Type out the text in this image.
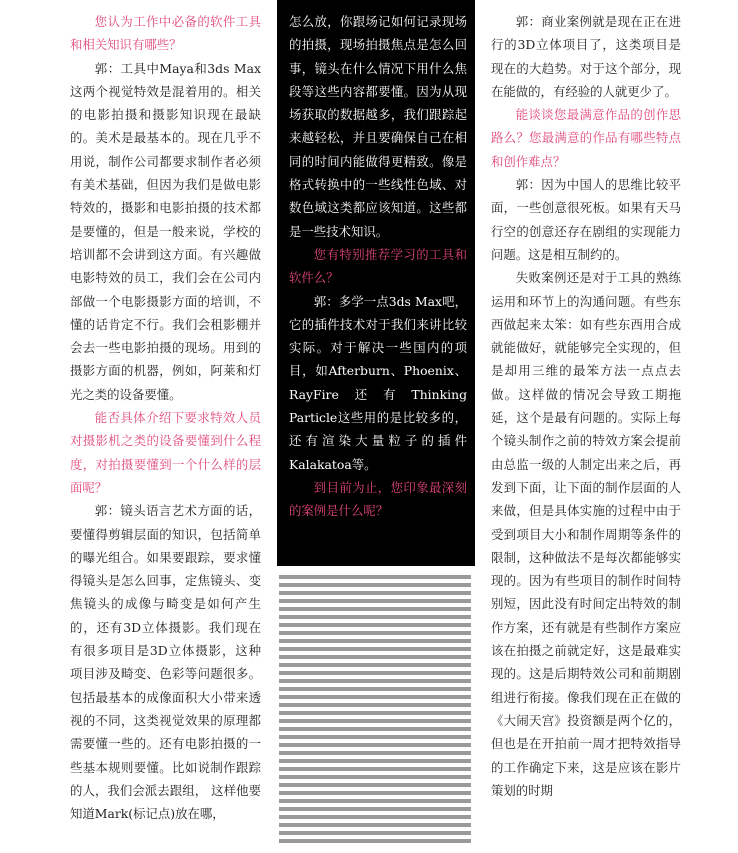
您认为工作中必备的软件工具和相关知识有哪些？

郭：工具中Maya和3ds Max这两个视觉特效是混着用的。相关的电影拍摄和摄影知识现在最缺的。美术是最基本的。现在几乎不用说，制作公司都要求制作者必须有美术基础，但因为我们是做电影特效的，摄影和电影拍摄的技术都是要懂的，但是一般来说，学校的培训都不会讲到这方面。有兴趣做电影特效的员工，我们会在公司内部做一个电影摄影方面的培训，不懂的话肯定不行。我们会租影棚并会去一些电影拍摄的现场。用到的摄影方面的机器，例如，阿莱和灯光之类的设备要懂。

能否具体介绍下要求特效人员对摄影机之类的设备要懂到什么程度，对拍摄要懂到一个什么样的层面呢？

郭：镜头语言艺术方面的话，要懂得剪辑层面的知识，包括简单的曝光组合。如果要跟踪，要求懂得镜头是怎么回事，定焦镜头、变焦镜头的成像与畸变是如何产生的，还有3D立体摄影。我们现在有很多项目是3D立体摄影，这种项目涉及畸变、色彩等问题很多。包括最基本的成像面积大小带来透视的不同，这类视觉效果的原理都需要懂一些的。还有电影拍摄的一些基本规则要懂。比如说制作跟踪的人，我们会派去跟组， 这样他要知道Mark(标记点)放在哪，

怎么放，你跟场记如何记录现场的拍摄，现场拍摄焦点是怎么回事，镜头在什么情况下用什么焦段等这些内容都要懂。因为从现场获取的数据越多，我们跟踪起来越轻松，并且要确保自己在相同的时间内能做得更精致。像是格式转换中的一些线性色域、对数色域这类都应该知道。这些都是一些技术知识。

您有特别推荐学习的工具和软件么？

郭：多学一点3ds Max吧，它的插件技术对于我们来讲比较实际。对于解决一些国内的项目，如Afterburn、Phoenix、 RayFire还有Thinking Particle这些用的是比较多的，还有渲染大量粒子的插件Kalakatoa等。

到目前为止，您印象最深刻的案例是什么呢？

郭：商业案例就是现在正在进行的3D立体项目了，这类项目是现在的大趋势。对于这个部分，现在能做的，有经验的人就更少了。

能谈谈您最满意作品的创作思路么？您最满意的作品有哪些特点和创作难点？

郭：因为中国人的思维比较平面，一些创意很死板。如果有天马行空的创意还存在剧组的实现能力问题。这是相互制约的。

失败案例还是对于工具的熟练运用和环节上的沟通问题。有些东西做起来太笨：如有些东西用合成就能做好，就能够完全实现的，但是却用三维的最笨方法一点点去做。这样做的情况会导致工期拖延，这个是最有问题的。实际上每个镜头制作之前的特效方案会提前由总监一级的人制定出来之后，再发到下面，让下面的制作层面的人来做，但是具体实施的过程中由于受到项目大小和制作周期等条件的限制，这种做法不是每次都能够实现的。因为有些项目的制作时间特别短，因此没有时间定出特效的制作方案，还有就是有些制作方案应该在拍摄之前就定好，这是最难实现的。这是后期特效公司和前期剧组进行衔接。像我们现在正在做的《大闹天宫》投资额是两个亿的，但也是在开拍前一周才把特效指导的工作确定下来，这是应该在影片策划的时期
